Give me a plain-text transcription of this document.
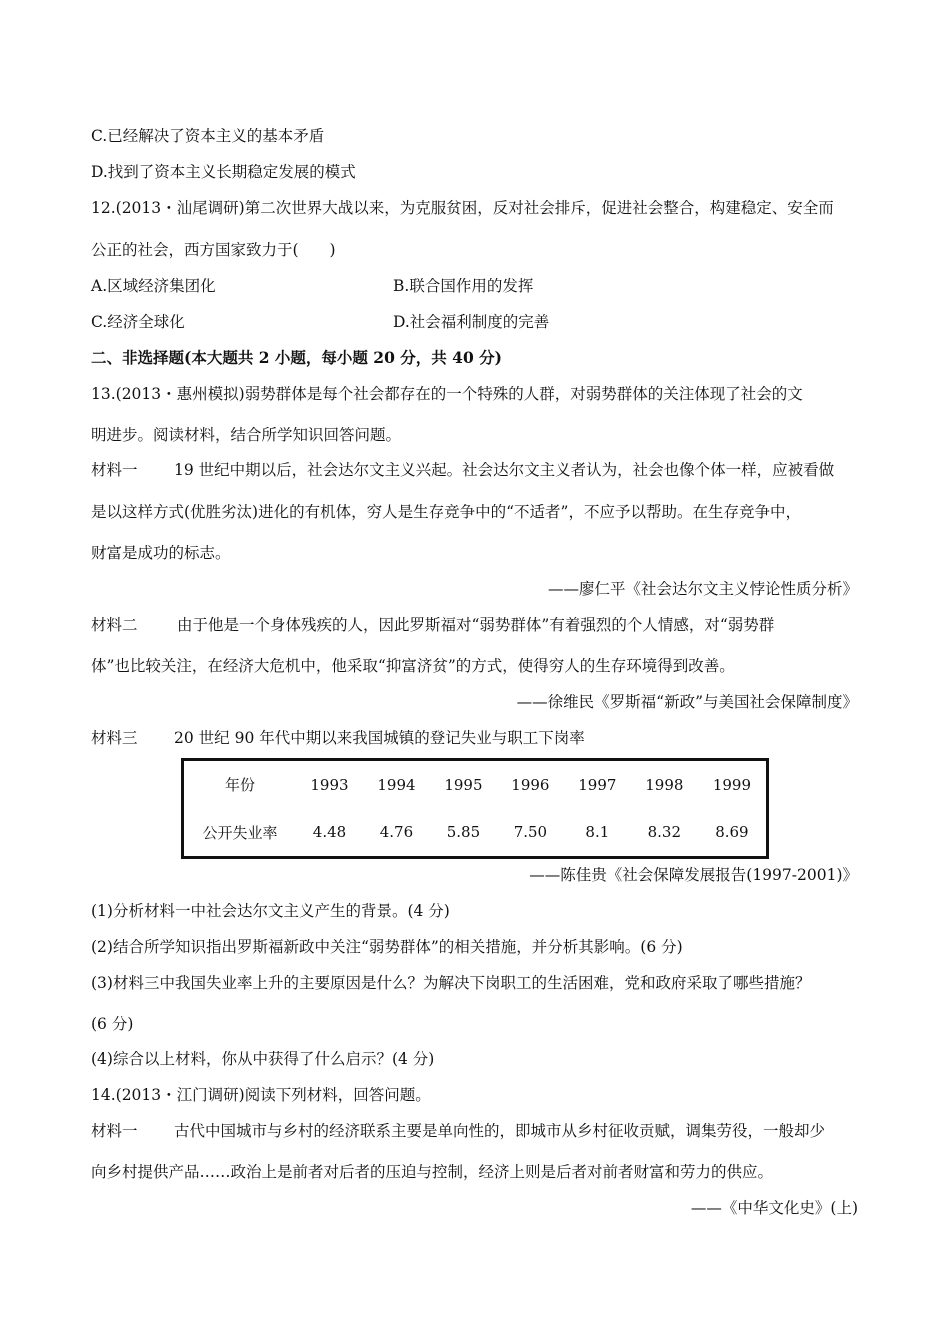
C.已经解决了资本主义的基本矛盾
D.找到了资本主义长期稳定发展的模式
12.(2013・汕尾调研)第二次世界大战以来，为克服贫困，反对社会排斥，促进社会整合，构建稳定、安全而
公正的社会，西方国家致力于(　　)
A.区域经济集团化	B.联合国作用的发挥
C.经济全球化	D.社会福利制度的完善
二、非选择题(本大题共 2 小题，每小题 20 分，共 40 分)
13.(2013・惠州模拟)弱势群体是每个社会都存在的一个特殊的人群，对弱势群体的关注体现了社会的文
明进步。阅读材料，结合所学知识回答问题。
材料一 19 世纪中期以后，社会达尔文主义兴起。社会达尔文主义者认为，社会也像个体一样，应被看做
是以这样方式(优胜劣汰)进化的有机体，穷人是生存竞争中的“不适者”，不应予以帮助。在生存竞争中，
财富是成功的标志。
——廖仁平《社会达尔文主义悖论性质分析》
材料二	由于他是一个身体残疾的人，因此罗斯福对“弱势群体”有着强烈的个人情感，对“弱势群
体”也比较关注，在经济大危机中，他采取“抑富济贫”的方式，使得穷人的生存环境得到改善。
——徐维民《罗斯福“新政”与美国社会保障制度》
材料三 20 世纪 90 年代中期以来我国城镇的登记失业与职工下岗率
年份	1993	1994	1995	1996	1997	1998	1999
公开失业率	4.48	4.76	5.85	7.50	8.1	8.32	8.69
——陈佳贵《社会保障发展报告(1997-2001)》
(1)分析材料一中社会达尔文主义产生的背景。(4 分)
(2)结合所学知识指出罗斯福新政中关注“弱势群体”的相关措施，并分析其影响。(6 分)
(3)材料三中我国失业率上升的主要原因是什么？为解决下岗职工的生活困难，党和政府采取了哪些措施？
(6 分)
(4)综合以上材料，你从中获得了什么启示？(4 分)
14.(2013・江门调研)阅读下列材料，回答问题。
材料一 古代中国城市与乡村的经济联系主要是单向性的，即城市从乡村征收贡赋，调集劳役，一般却少
向乡村提供产品……政治上是前者对后者的压迫与控制，经济上则是后者对前者财富和劳力的供应。
——《中华文化史》(上)
